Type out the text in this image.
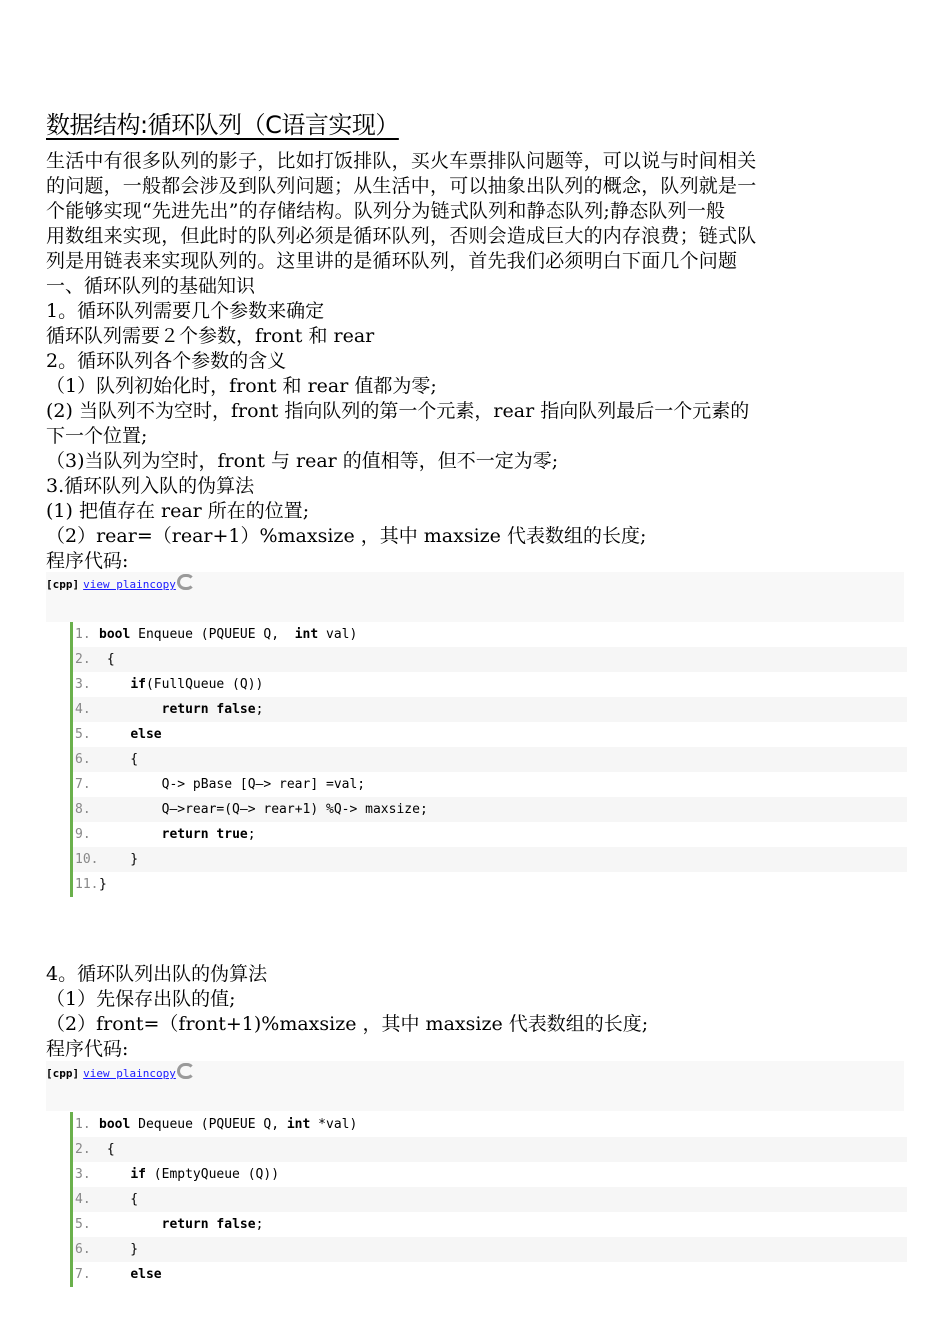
数据结构:循环队列（C语言实现）

生活中有很多队列的影子，比如打饭排队，买火车票排队问题等，可以说与时间相关

的问题，一般都会涉及到队列问题；从生活中，可以抽象出队列的概念，队列就是一

个能够实现“先进先出”的存储结构。队列分为链式队列和静态队列;静态队列一般

用数组来实现，但此时的队列必须是循环队列，否则会造成巨大的内存浪费；链式队

列是用链表来实现队列的。这里讲的是循环队列，首先我们必须明白下面几个问题

一、循环队列的基础知识

1。循环队列需要几个参数来确定

循环队列需要２个参数，front 和 rear

2。循环队列各个参数的含义

（1）队列初始化时，front 和 rear 值都为零;

(2) 当队列不为空时，front 指向队列的第一个元素，rear 指向队列最后一个元素的

下一个位置;

（3)当队列为空时，front 与 rear 的值相等，但不一定为零;

3.循环队列入队的伪算法

(1) 把值存在 rear 所在的位置;

（2）rear=（rear+1）%maxsize ，其中 maxsize 代表数组的长度;

程序代码:

[cpp] view plaincopy
1. bool Enqueue (PQUEUE Q,  int val)
2. {
3.	if(FullQueue (Q))
4.	return false;
5.	else
6.    {
7.        Q-> pBase [Q—> rear] =val;
8.        Q—>rear=(Q—> rear+1) %Q-> maxsize;
9.	return true;
10.    }
11.}

4。循环队列出队的伪算法

（1）先保存出队的值;

（2）front=（front+1)%maxsize ，其中 maxsize 代表数组的长度;

程序代码:

[cpp] view plaincopy
1. bool Dequeue (PQUEUE Q, int *val)
2. {
3.	if (EmptyQueue (Q))
4.    {
5.	return false;
6.    }
7.	else
